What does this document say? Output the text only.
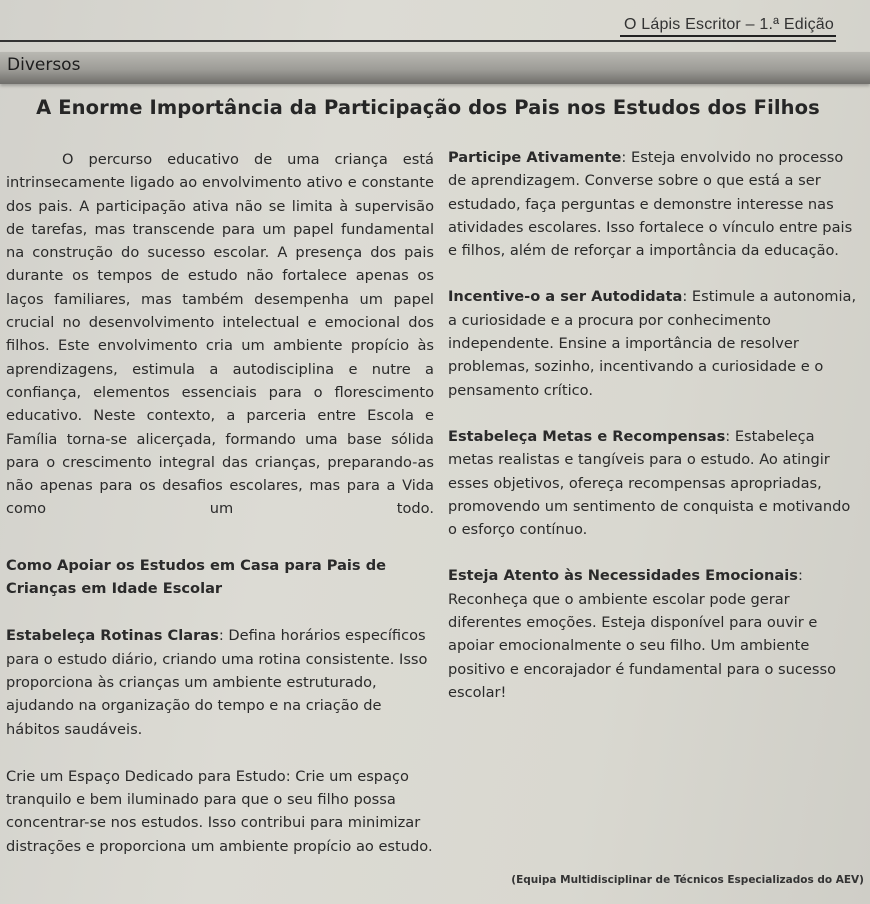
O Lápis Escritor – 1.ª Edição
Diversos
A Enorme Importância da Participação dos Pais nos Estudos dos Filhos

O percurso educativo de uma criança está intrinsecamente ligado ao envolvimento ativo e constante dos pais. A participação ativa não se limita à supervisão de tarefas, mas transcende para um papel fundamental na construção do sucesso escolar. A presença dos pais durante os tempos de estudo não fortalece apenas os laços familiares, mas também desempenha um papel crucial no desenvolvimento intelectual e emocional dos filhos. Este envolvimento cria um ambiente propício às aprendizagens, estimula a autodisciplina e nutre a confiança, elementos essenciais para o florescimento educativo. Neste contexto, a parceria entre Escola e Família torna-se alicerçada, formando uma base sólida para o crescimento integral das crianças, preparando-as não apenas para os desafios escolares, mas para a Vida como um todo.

Como Apoiar os Estudos em Casa para Pais de Crianças em Idade Escolar

Estabeleça Rotinas Claras: Defina horários específicos para o estudo diário, criando uma rotina consistente. Isso proporciona às crianças um ambiente estruturado, ajudando na organização do tempo e na criação de hábitos saudáveis.

Crie um Espaço Dedicado para Estudo: Crie um espaço tranquilo e bem iluminado para que o seu filho possa concentrar-se nos estudos. Isso contribui para minimizar distrações e proporciona um ambiente propício ao estudo.

Participe Ativamente: Esteja envolvido no processo de aprendizagem. Converse sobre o que está a ser estudado, faça perguntas e demonstre interesse nas atividades escolares. Isso fortalece o vínculo entre pais e filhos, além de reforçar a importância da educação.

Incentive-o a ser Autodidata: Estimule a autonomia, a curiosidade e a procura por conhecimento independente. Ensine a importância de resolver problemas, sozinho, incentivando a curiosidade e o pensamento crítico.

Estabeleça Metas e Recompensas: Estabeleça metas realistas e tangíveis para o estudo. Ao atingir esses objetivos, ofereça recompensas apropriadas, promovendo um sentimento de conquista e motivando o esforço contínuo.

Esteja Atento às Necessidades Emocionais: Reconheça que o ambiente escolar pode gerar diferentes emoções. Esteja disponível para ouvir e apoiar emocionalmente o seu filho. Um ambiente positivo e encorajador é fundamental para o sucesso escolar!

(Equipa Multidisciplinar de Técnicos Especializados do AEV)
